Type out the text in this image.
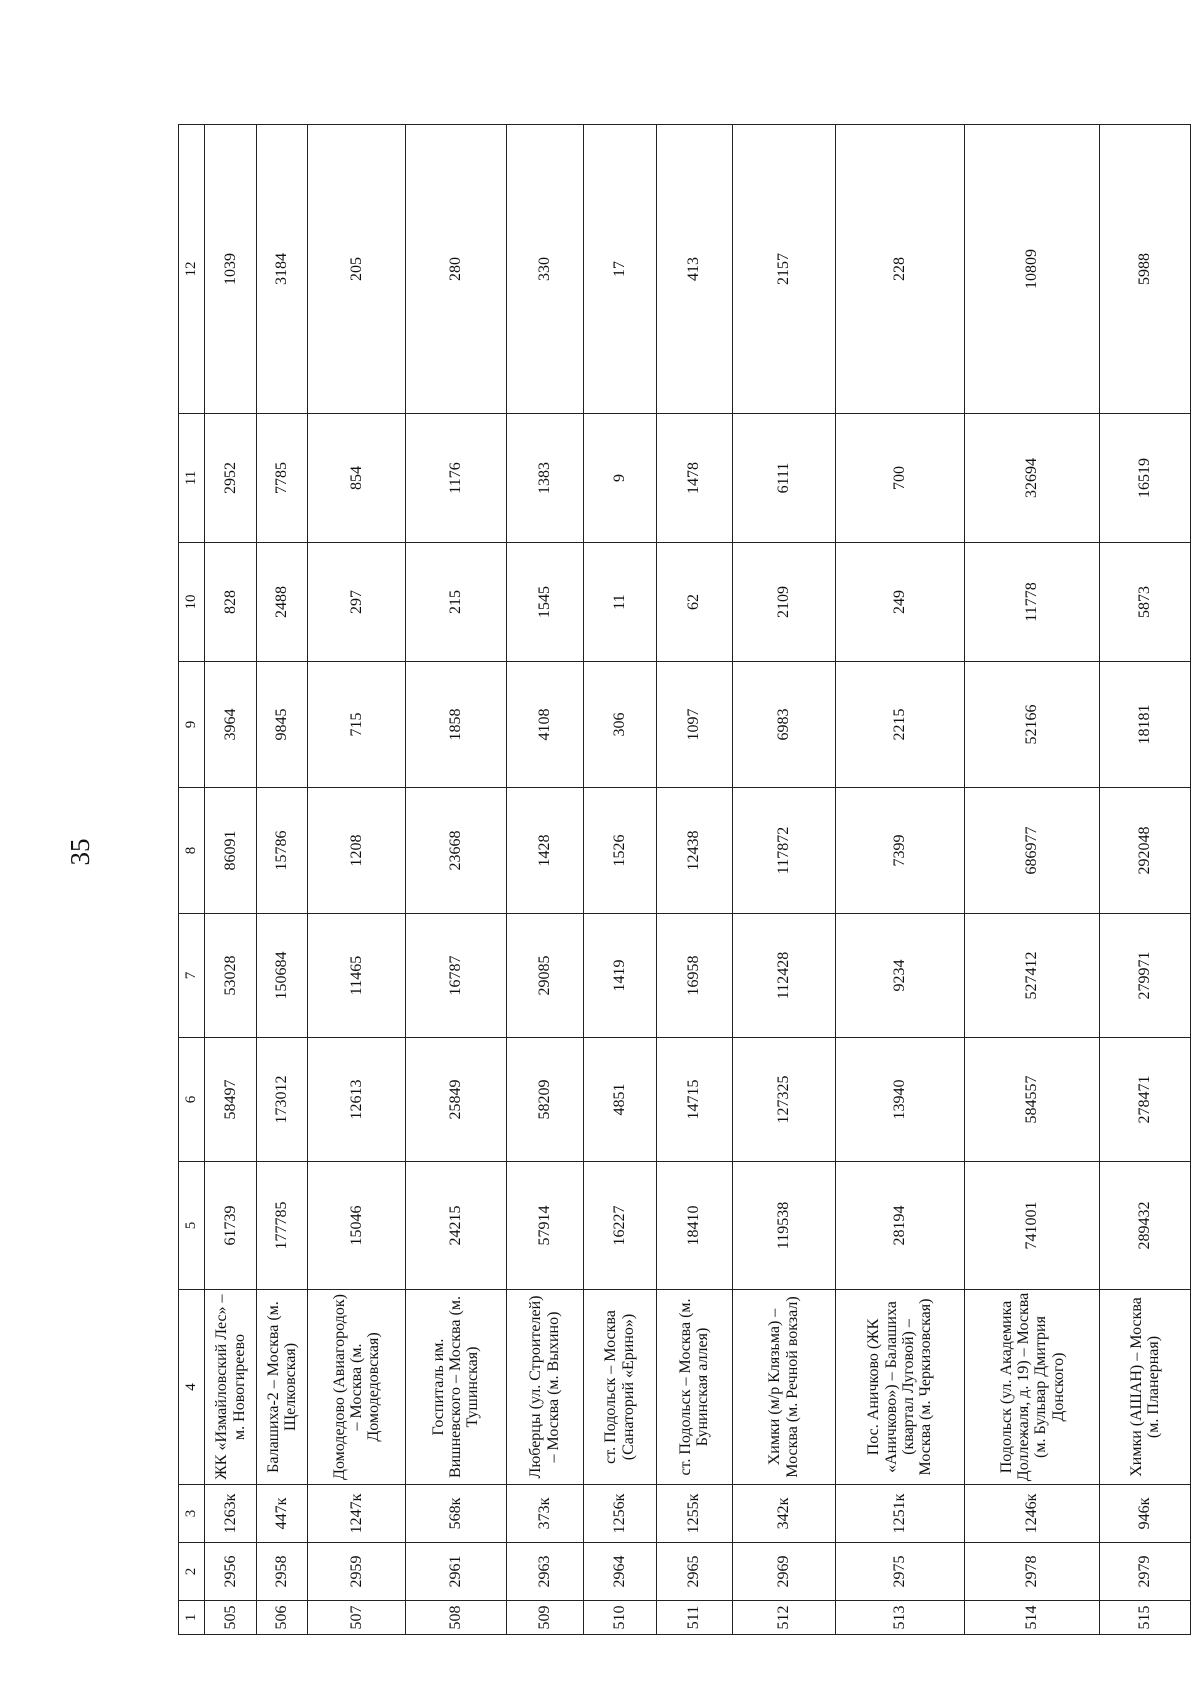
35
1	2	3	4	5	6	7	8	9	10	11	12
505	2956	1263к	ЖК «Измайловский Лес» – м. Новогиреево	61739	58497	53028	86091	3964	828	2952	1039
506	2958	447к	Балашиха-2 – Москва (м. Щелковская)	177785	173012	150684	15786	9845	2488	7785	3184
507	2959	1247к	Домодедово (Авиагородок) – Москва (м. Домодедовская)	15046	12613	11465	1208	715	297	854	205
508	2961	568к	Госпиталь им. Вишневского – Москва (м. Тушинская)	24215	25849	16787	23668	1858	215	1176	280
509	2963	373к	Люберцы (ул. Строителей) – Москва (м. Выхино)	57914	58209	29085	1428	4108	1545	1383	330
510	2964	1256к	ст. Подольск – Москва (Санаторий «Ерино»)	16227	4851	1419	1526	306	11	9	17
511	2965	1255к	ст. Подольск – Москва (м. Бунинская аллея)	18410	14715	16958	12438	1097	62	1478	413
512	2969	342к	Химки (м/р Клязьма) – Москва (м. Речной вокзал)	119538	127325	112428	117872	6983	2109	6111	2157
513	2975	1251к	Пос. Аничково (ЖК «Аничково») – Балашиха (квартал Луговой) – Москва (м. Черкизовская)	28194	13940	9234	7399	2215	249	700	228
514	2978	1246к	Подольск (ул. Академика Доллежаля, д. 19) – Москва (м. Бульвар Дмитрия Донского)	741001	584557	527412	686977	52166	11778	32694	10809
515	2979	946к	Химки (АШАН) – Москва (м. Планерная)	289432	278471	279971	292048	18181	5873	16519	5988
